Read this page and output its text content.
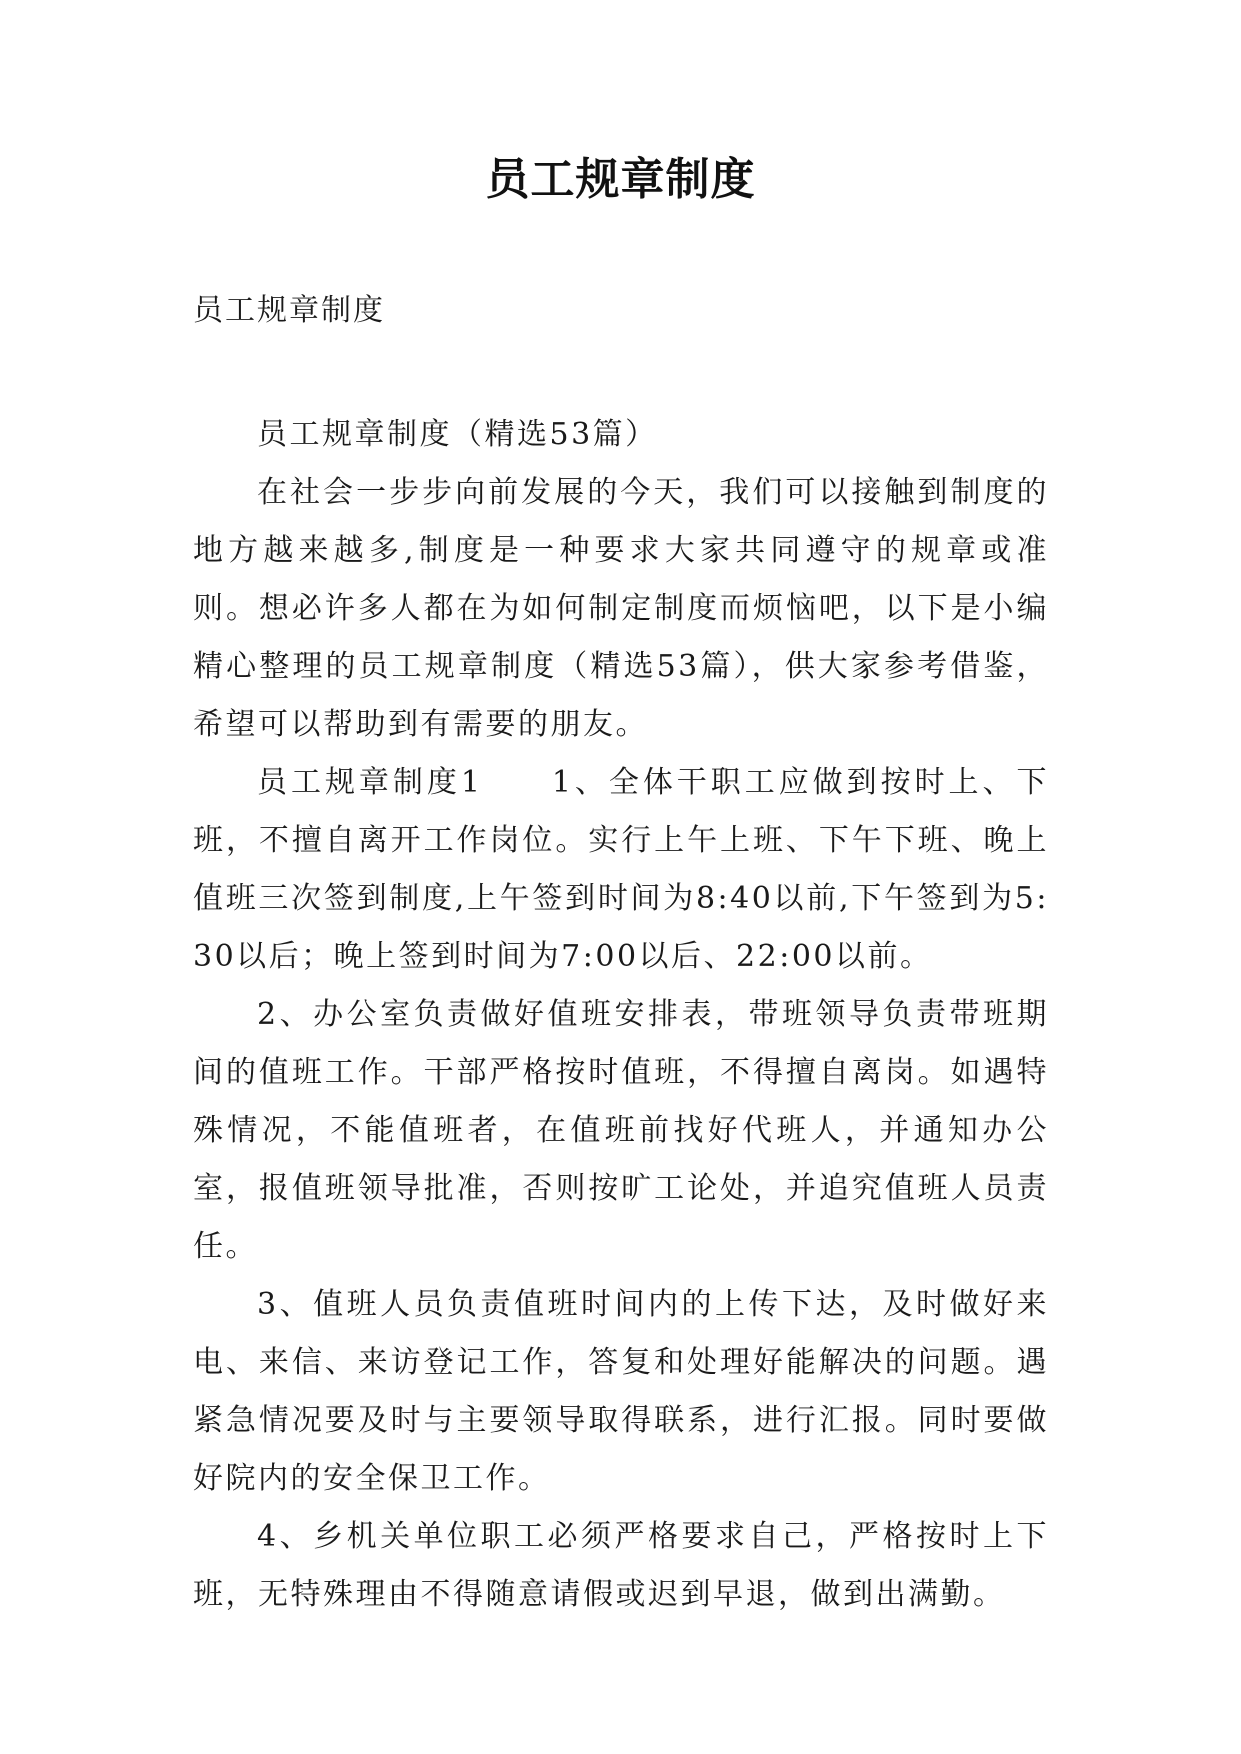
员工规章制度
员工规章制度

员工规章制度（精选53篇）

在社会一步步向前发展的今天，我们可以接触到制度的地方越来越多,制度是一种要求大家共同遵守的规章或准则。想必许多人都在为如何制定制度而烦恼吧，以下是小编精心整理的员工规章制度（精选53篇），供大家参考借鉴，希望可以帮助到有需要的朋友。

员工规章制度1　　1、全体干职工应做到按时上、下班，不擅自离开工作岗位。实行上午上班、下午下班、晚上值班三次签到制度,上午签到时间为8:40以前,下午签到为5:30以后；晚上签到时间为7:00以后、22:00以前。

2、办公室负责做好值班安排表，带班领导负责带班期间的值班工作。干部严格按时值班，不得擅自离岗。如遇特殊情况，不能值班者，在值班前找好代班人，并通知办公室，报值班领导批准，否则按旷工论处，并追究值班人员责任。

3、值班人员负责值班时间内的上传下达，及时做好来电、来信、来访登记工作，答复和处理好能解决的问题。遇紧急情况要及时与主要领导取得联系，进行汇报。同时要做好院内的安全保卫工作。

4、乡机关单位职工必须严格要求自己，严格按时上下班，无特殊理由不得随意请假或迟到早退，做到出满勤。
